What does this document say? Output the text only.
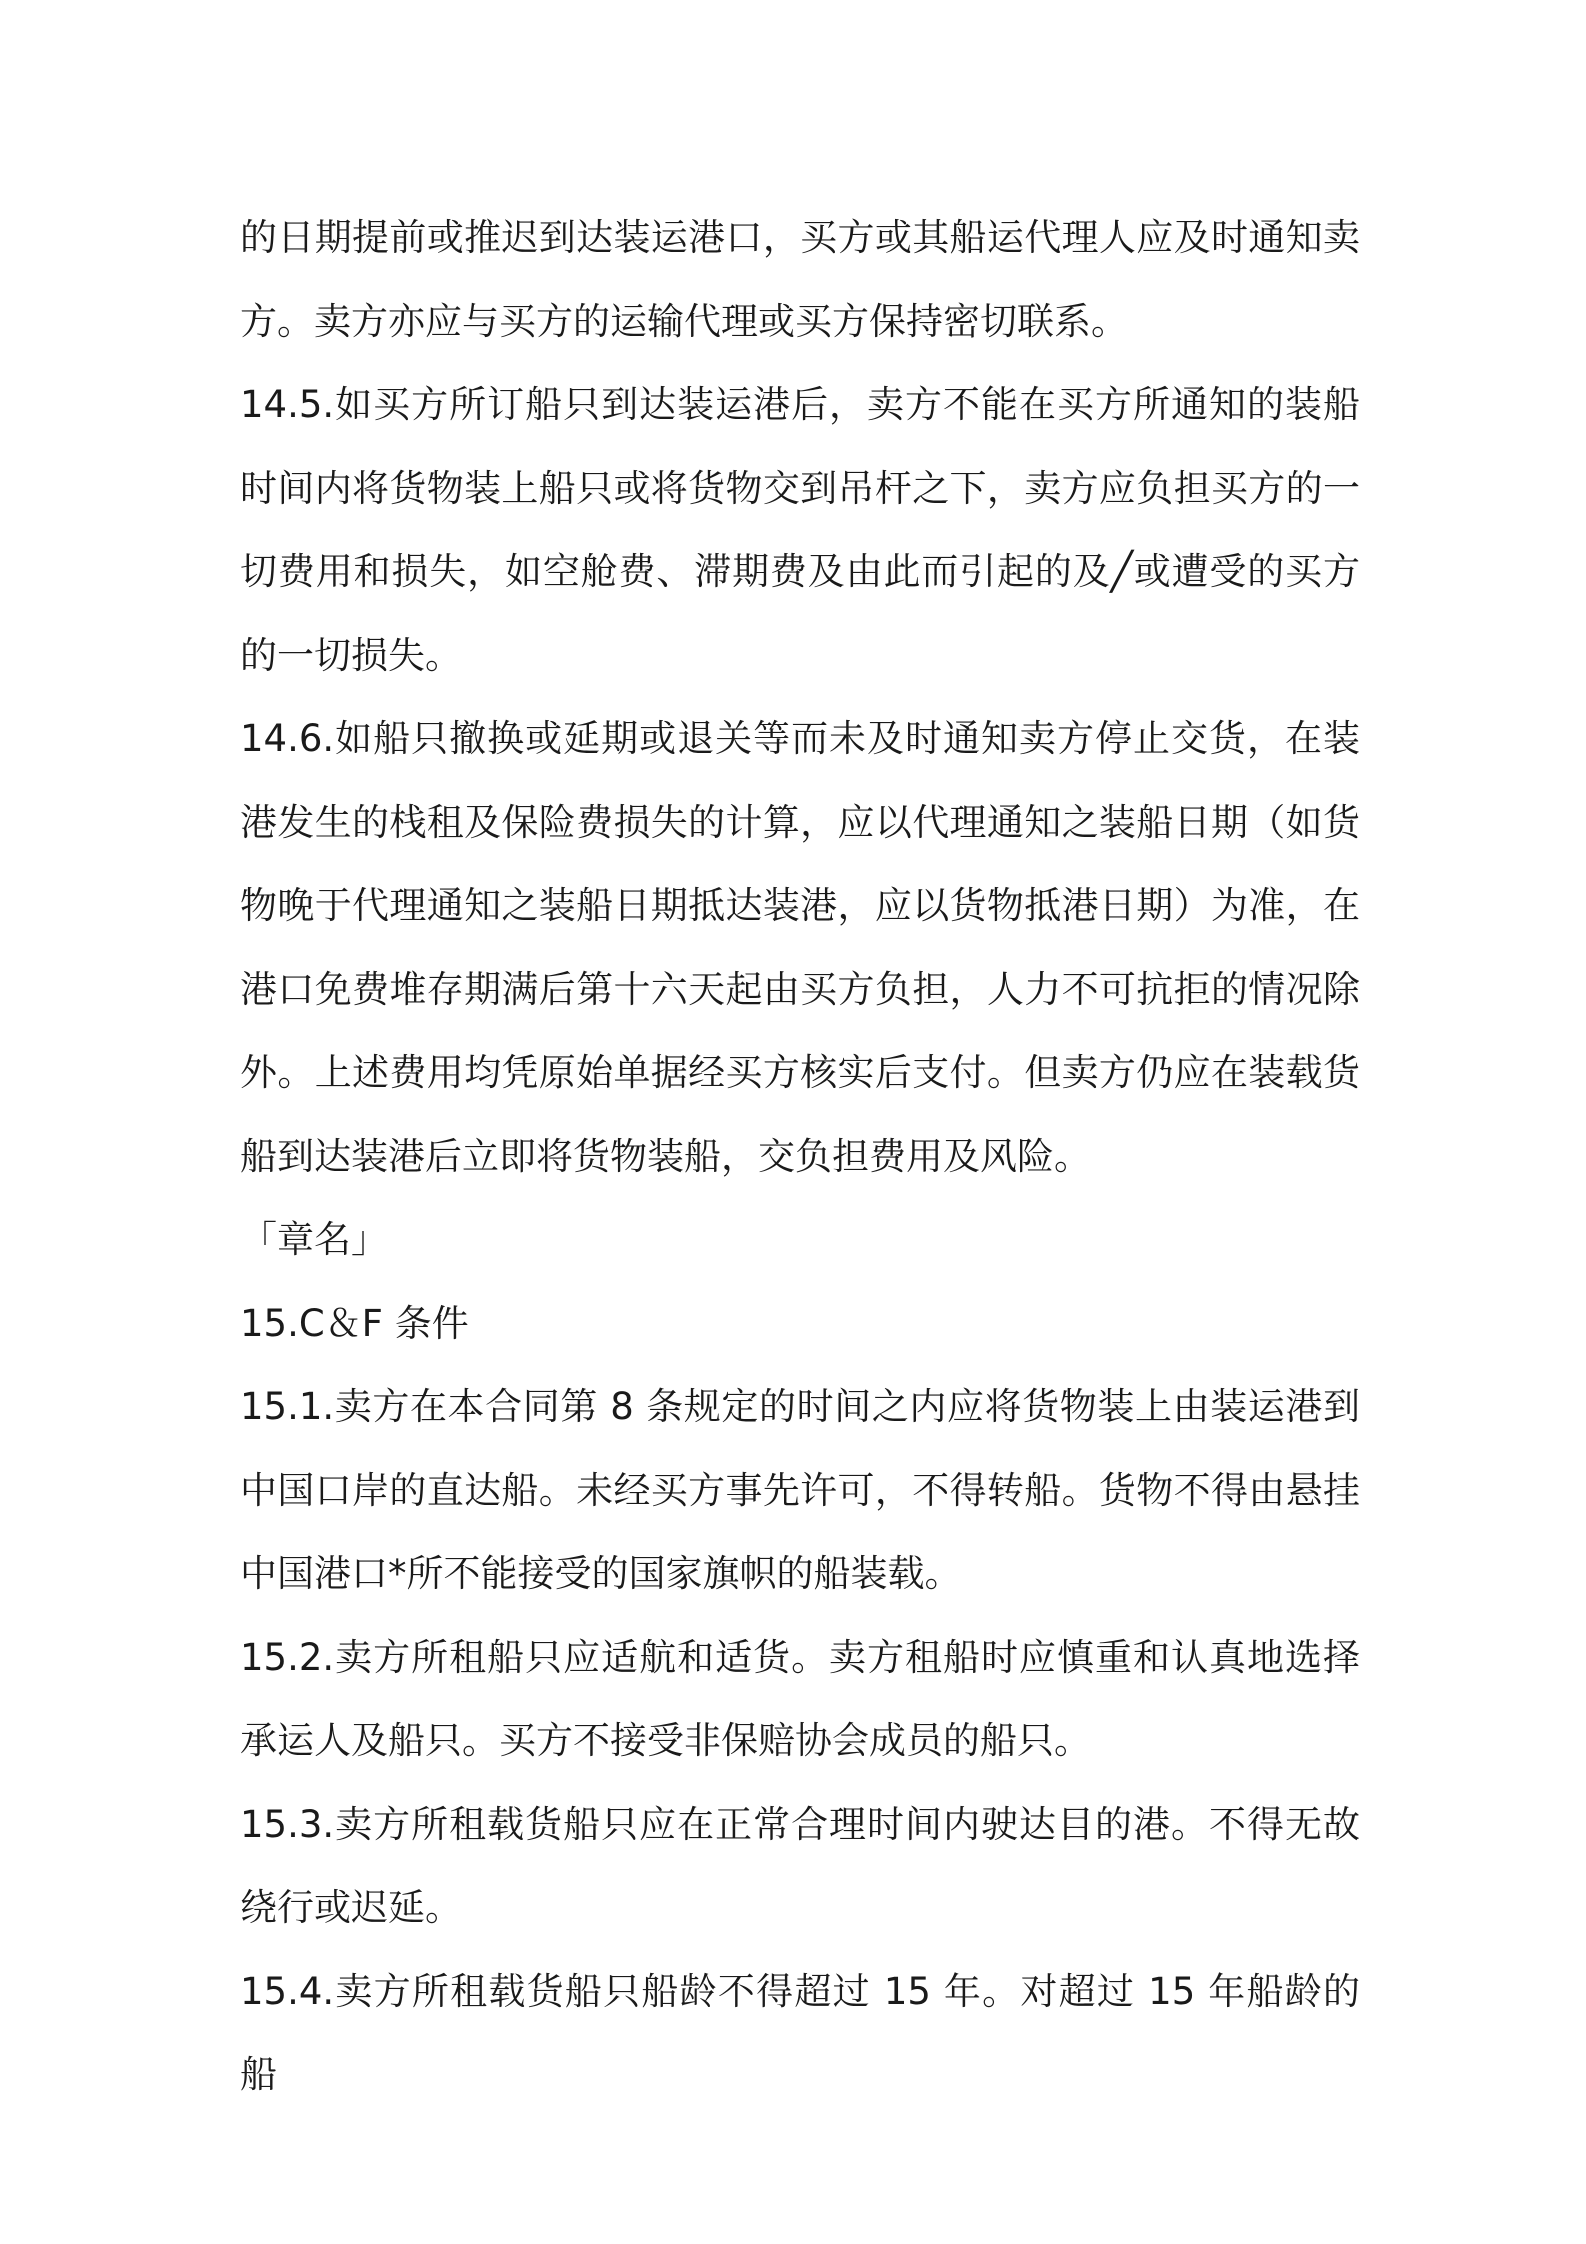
的日期提前或推迟到达装运港口，买方或其船运代理人应及时通知卖方。卖方亦应与买方的运输代理或买方保持密切联系。

14.5.如买方所订船只到达装运港后，卖方不能在买方所通知的装船时间内将货物装上船只或将货物交到吊杆之下，卖方应负担买方的一切费用和损失，如空舱费、滞期费及由此而引起的及╱或遭受的买方的一切损失。

14.6.如船只撤换或延期或退关等而未及时通知卖方停止交货，在装港发生的栈租及保险费损失的计算，应以代理通知之装船日期（如货物晚于代理通知之装船日期抵达装港，应以货物抵港日期）为准，在港口免费堆存期满后第十六天起由买方负担，人力不可抗拒的情况除外。上述费用均凭原始单据经买方核实后支付。但卖方仍应在装载货船到达装港后立即将货物装船，交负担费用及风险。

「章名」

15.C＆F 条件

15.1.卖方在本合同第 8 条规定的时间之内应将货物装上由装运港到中国口岸的直达船。未经买方事先许可，不得转船。货物不得由悬挂中国港口*所不能接受的国家旗帜的船装载。

15.2.卖方所租船只应适航和适货。卖方租船时应慎重和认真地选择承运人及船只。买方不接受非保赔协会成员的船只。

15.3.卖方所租载货船只应在正常合理时间内驶达目的港。不得无故绕行或迟延。

15.4.卖方所租载货船只船龄不得超过 15 年。对超过 15 年船龄的船
